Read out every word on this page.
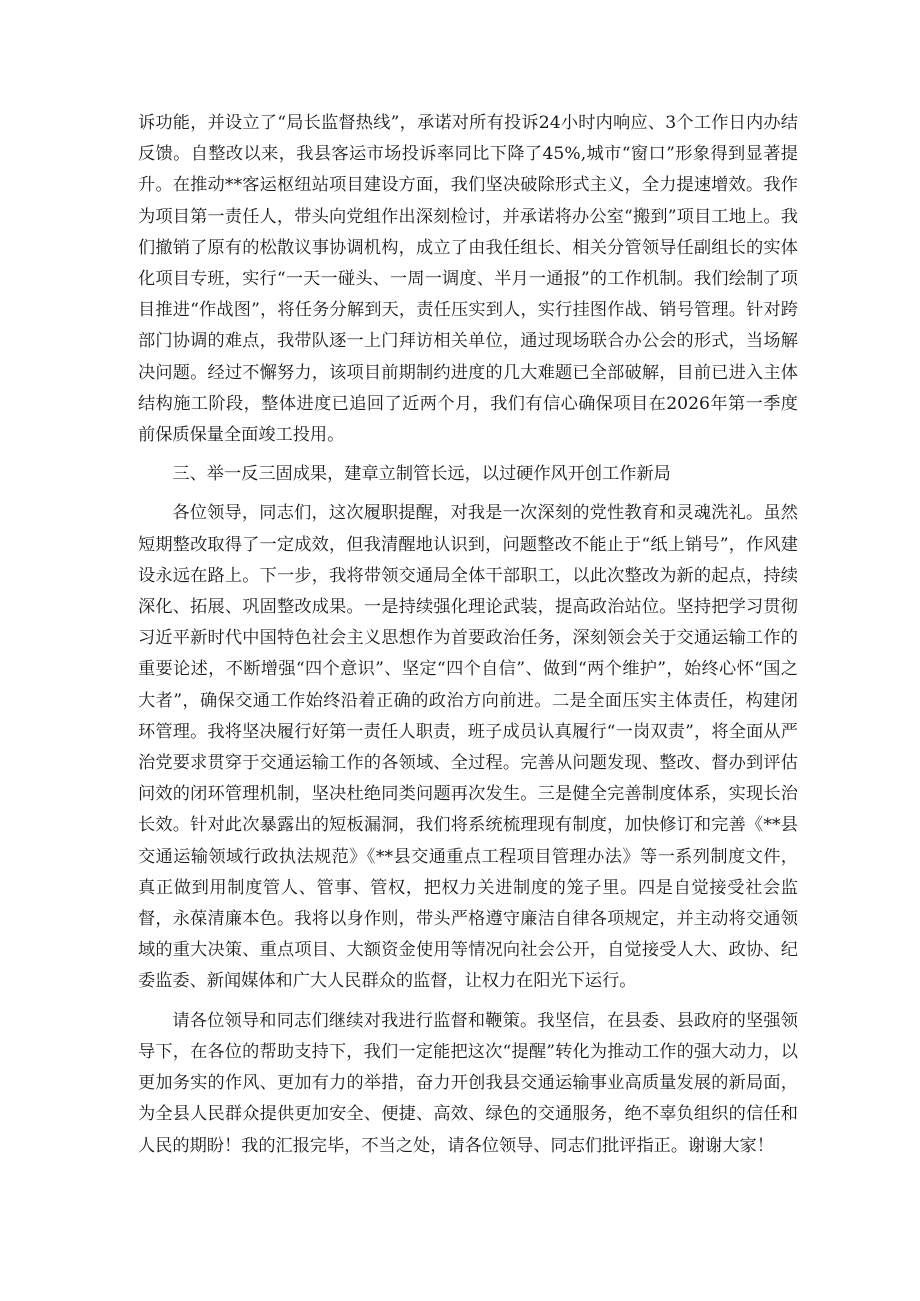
诉功能，并设立了“局长监督热线”，承诺对所有投诉24小时内响应、3个工作日内办结反馈。自整改以来，我县客运市场投诉率同比下降了45%,城市“窗口”形象得到显著提升。在推动**客运枢纽站项目建设方面，我们坚决破除形式主义，全力提速增效。我作为项目第一责任人，带头向党组作出深刻检讨，并承诺将办公室“搬到”项目工地上。我们撤销了原有的松散议事协调机构，成立了由我任组长、相关分管领导任副组长的实体化项目专班，实行“一天一碰头、一周一调度、半月一通报”的工作机制。我们绘制了项目推进“作战图”，将任务分解到天，责任压实到人，实行挂图作战、销号管理。针对跨部门协调的难点，我带队逐一上门拜访相关单位，通过现场联合办公会的形式，当场解决问题。经过不懈努力，该项目前期制约进度的几大难题已全部破解，目前已进入主体结构施工阶段，整体进度已追回了近两个月，我们有信心确保项目在2026年第一季度前保质保量全面竣工投用。

三、举一反三固成果，建章立制管长远，以过硬作风开创工作新局

各位领导，同志们，这次履职提醒，对我是一次深刻的党性教育和灵魂洗礼。虽然短期整改取得了一定成效，但我清醒地认识到，问题整改不能止于“纸上销号”，作风建设永远在路上。下一步，我将带领交通局全体干部职工，以此次整改为新的起点，持续深化、拓展、巩固整改成果。一是持续强化理论武装，提高政治站位。坚持把学习贯彻习近平新时代中国特色社会主义思想作为首要政治任务，深刻领会关于交通运输工作的重要论述，不断增强“四个意识”、坚定“四个自信”、做到“两个维护”，始终心怀“国之大者”，确保交通工作始终沿着正确的政治方向前进。二是全面压实主体责任，构建闭环管理。我将坚决履行好第一责任人职责，班子成员认真履行“一岗双责”，将全面从严治党要求贯穿于交通运输工作的各领域、全过程。完善从问题发现、整改、督办到评估问效的闭环管理机制，坚决杜绝同类问题再次发生。三是健全完善制度体系，实现长治长效。针对此次暴露出的短板漏洞，我们将系统梳理现有制度，加快修订和完善《**县交通运输领域行政执法规范》《**县交通重点工程项目管理办法》等一系列制度文件，真正做到用制度管人、管事、管权，把权力关进制度的笼子里。四是自觉接受社会监督，永葆清廉本色。我将以身作则，带头严格遵守廉洁自律各项规定，并主动将交通领域的重大决策、重点项目、大额资金使用等情况向社会公开，自觉接受人大、政协、纪委监委、新闻媒体和广大人民群众的监督，让权力在阳光下运行。

请各位领导和同志们继续对我进行监督和鞭策。我坚信，在县委、县政府的坚强领导下，在各位的帮助支持下，我们一定能把这次“提醒”转化为推动工作的强大动力，以更加务实的作风、更加有力的举措，奋力开创我县交通运输事业高质量发展的新局面，为全县人民群众提供更加安全、便捷、高效、绿色的交通服务，绝不辜负组织的信任和人民的期盼！我的汇报完毕，不当之处，请各位领导、同志们批评指正。谢谢大家！
